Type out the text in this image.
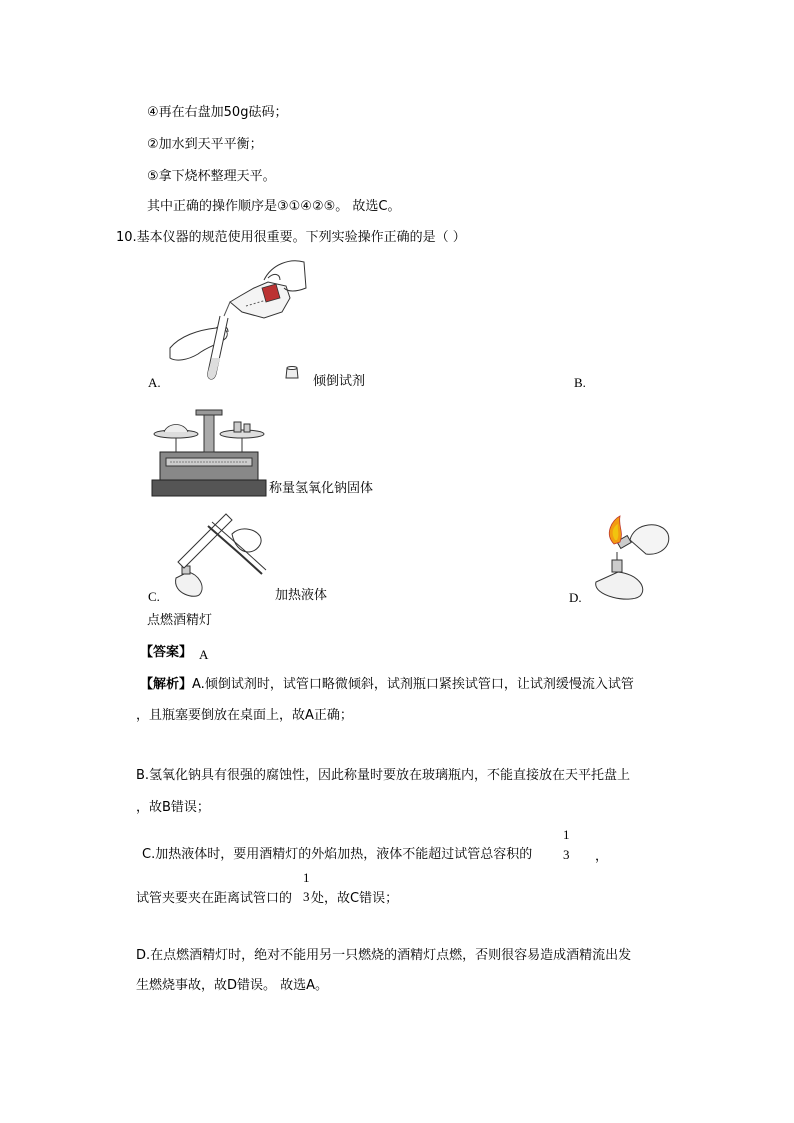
④再在右盘加50g砝码；
②加水到天平平衡；
⑤拿下烧杯整理天平。
其中正确的操作顺序是③①④②⑤。 故选C。
10.基本仪器的规范使用很重要。下列实验操作正确的是（ ）
A.	倾倒试剂	B.
称量氢氧化钠固体
C.	加热液体	D.
点燃酒精灯
【答案】 A
【解析】A.倾倒试剂时，试管口略微倾斜，试剂瓶口紧挨试管口，让试剂缓慢流入试管
，且瓶塞要倒放在桌面上，故A正确；
B.氢氧化钠具有很强的腐蚀性，因此称量时要放在玻璃瓶内，不能直接放在天平托盘上
，故B错误；
C.加热液体时，要用酒精灯的外焰加热，液体不能超过试管总容积的
1
3 ，
试管夹要夹在距离试管口的
1
3 处，故C错误；
D.在点燃酒精灯时，绝对不能用另一只燃烧的酒精灯点燃，否则很容易造成酒精流出发
生燃烧事故，故D错误。 故选A。
